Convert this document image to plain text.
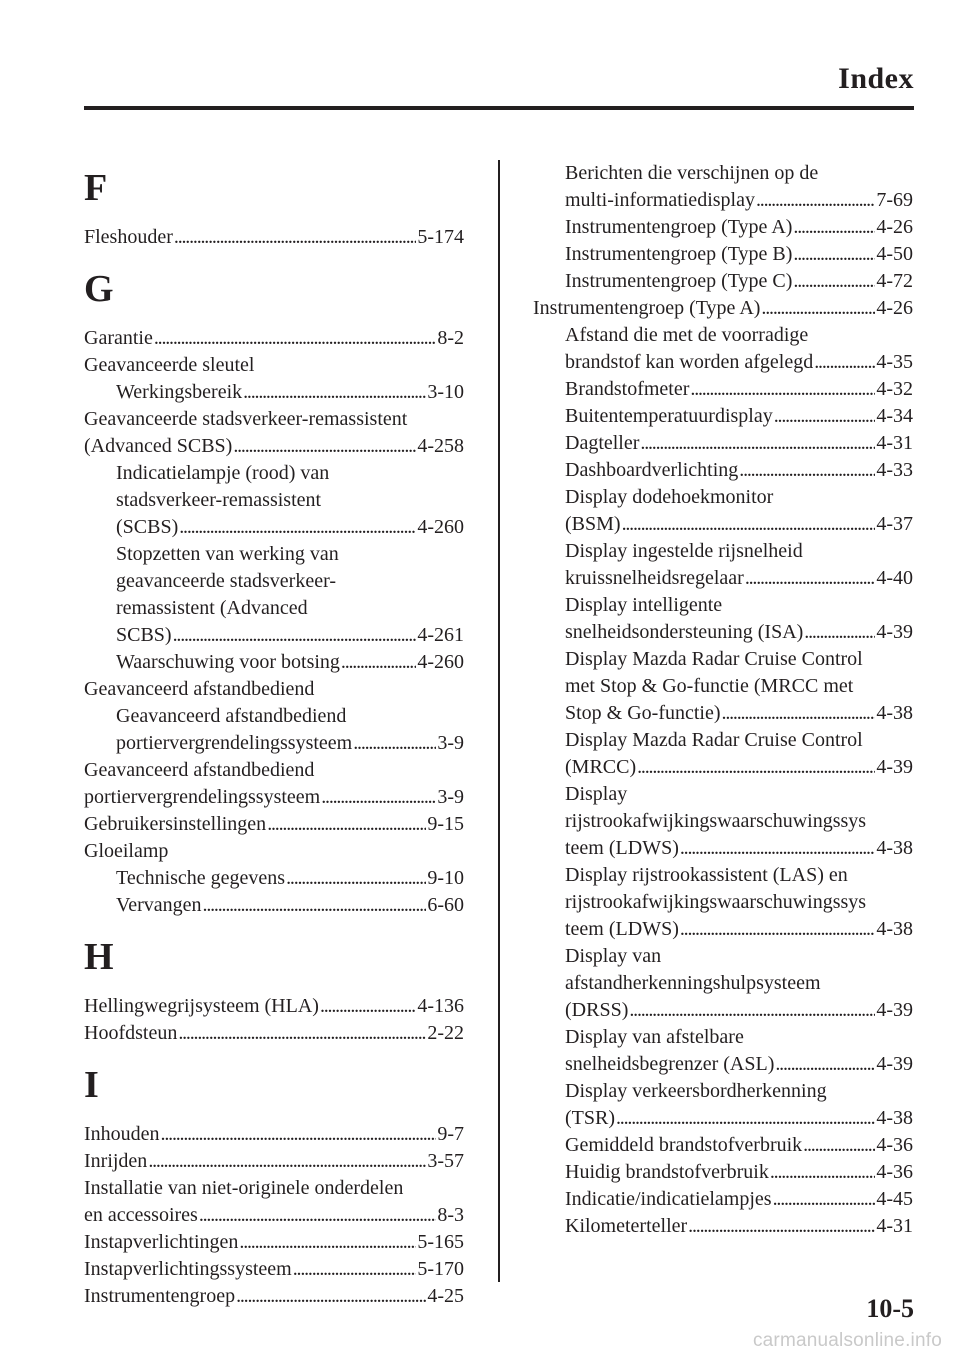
Index
F
Fleshouder . . .	5-174
G
Garantie . . .	8-2
Geavanceerde sleutel
Werkingsbereik . . .	3-10
Geavanceerde stadsverkeer-remassistent
(Advanced SCBS) . . .	4-258
Indicatielampje (rood) van
stadsverkeer-remassistent
(SCBS) . . .	4-260
Stopzetten van werking van
geavanceerde stadsverkeer-
remassistent (Advanced
SCBS) . . .	4-261
Waarschuwing voor botsing . . .	4-260
Geavanceerd afstandbediend
Geavanceerd afstandbediend
portiervergrendelingssysteem . . .	3-9
Geavanceerd afstandbediend
portiervergrendelingssysteem . . .	3-9
Gebruikersinstellingen . . .	9-15
Gloeilamp
Technische gegevens . . .	9-10
Vervangen . . .	6-60
H
Hellingwegrijsysteem (HLA) . . .	4-136
Hoofdsteun . . .	2-22
I
Inhouden . . .	9-7
Inrijden . . .	3-57
Installatie van niet-originele onderdelen
en accessoires . . .	8-3
Instapverlichtingen . . .	5-165
Instapverlichtingssysteem . . .	5-170
Instrumentengroep . . .	4-25
Berichten die verschijnen op de
multi-informatiedisplay . . .	7-69
Instrumentengroep (Type A) . . .	4-26
Instrumentengroep (Type B) . . .	4-50
Instrumentengroep (Type C) . . .	4-72
Instrumentengroep (Type A) . . .	4-26
Afstand die met de voorradige
brandstof kan worden afgelegd . . .	4-35
Brandstofmeter . . .	4-32
Buitentemperatuurdisplay . . .	4-34
Dagteller . . .	4-31
Dashboardverlichting . . .	4-33
Display dodehoekmonitor
(BSM) . . .	4-37
Display ingestelde rijsnelheid
kruissnelheidsregelaar . . .	4-40
Display intelligente
snelheidsondersteuning (ISA) . . .	4-39
Display Mazda Radar Cruise Control
met Stop & Go-functie (MRCC met
Stop & Go-functie) . . .	4-38
Display Mazda Radar Cruise Control
(MRCC) . . .	4-39
Display
rijstrookafwijkingswaarschuwingssys
teem (LDWS) . . .	4-38
Display rijstrookassistent (LAS) en
rijstrookafwijkingswaarschuwingssys
teem (LDWS) . . .	4-38
Display van
afstandherkenningshulpsysteem
(DRSS) . . .	4-39
Display van afstelbare
snelheidsbegrenzer (ASL) . . .	4-39
Display verkeersbordherkenning
(TSR) . . .	4-38
Gemiddeld brandstofverbruik . . .	4-36
Huidig brandstofverbruik . . .	4-36
Indicatie/indicatielampjes . . .	4-45
Kilometerteller . . .	4-31
10-5
carmanualsonline.info
